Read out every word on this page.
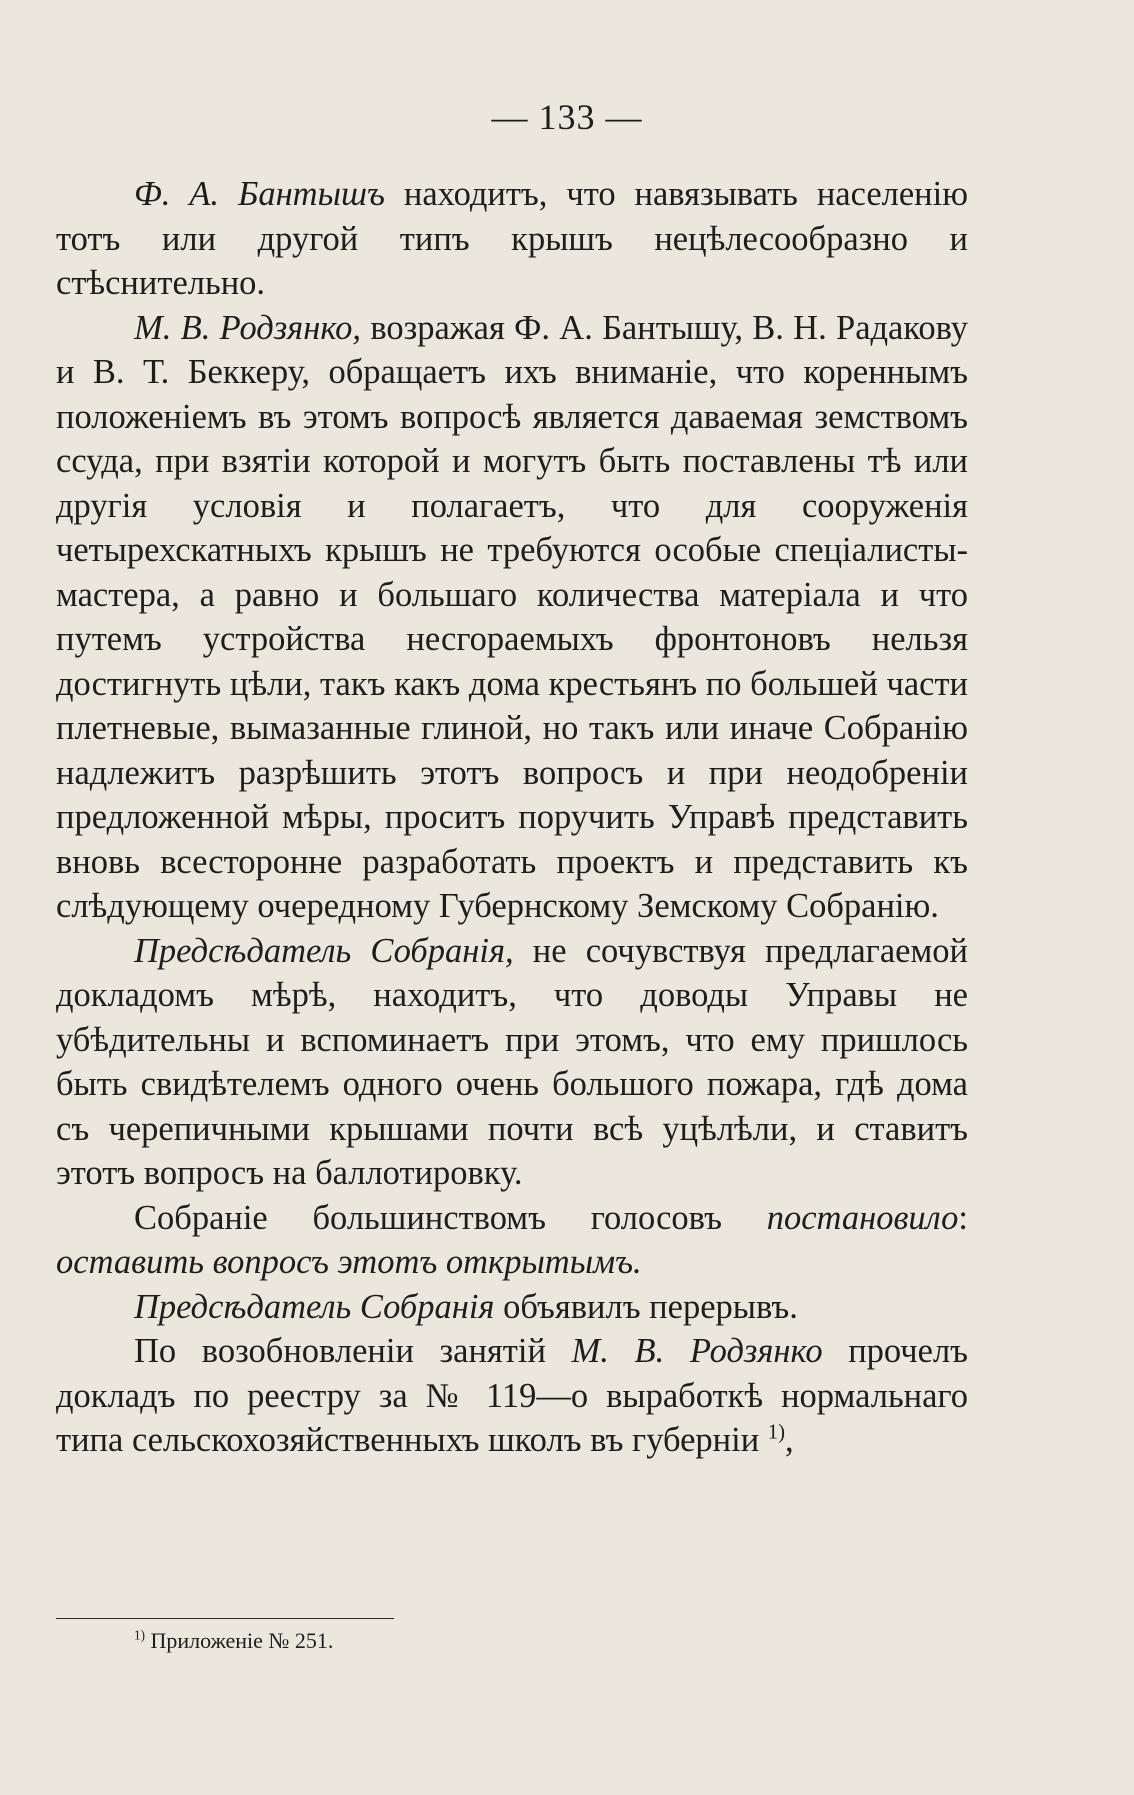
— 133 —

Ф. А. Бантышъ находитъ, что навязывать населенію тотъ или другой типъ крышъ нецѣлесообразно и стѣснительно.

М. В. Родзянко, возражая Ф. А. Бантышу, В. Н. Радакову и В. Т. Беккеру, обращаетъ ихъ вниманіе, что кореннымъ положеніемъ въ этомъ вопросѣ является даваемая земствомъ ссуда, при взятіи которой и могутъ быть поставлены тѣ или другія условія и полагаетъ, что для сооруженія четырехскатныхъ крышъ не требуются особые спеціалисты-мастера, а равно и большаго количества матеріала и что путемъ устройства несгораемыхъ фронтоновъ нельзя достигнуть цѣли, такъ какъ дома крестьянъ по большей части плетневые, вымазанные глиной, но такъ или иначе Собранію надлежитъ разрѣшить этотъ вопросъ и при неодобреніи предложенной мѣры, проситъ поручить Управѣ представить вновь всесторонне разработать проектъ и представить къ слѣдующему очередному Губернскому Земскому Собранію.

Предсѣдатель Собранія, не сочувствуя предлагаемой докладомъ мѣрѣ, находитъ, что доводы Управы не убѣдительны и вспоминаетъ при этомъ, что ему пришлось быть свидѣтелемъ одного очень большого пожара, гдѣ дома съ черепичными крышами почти всѣ уцѣлѣли, и ставитъ этотъ вопросъ на баллотировку.

Собраніе большинствомъ голосовъ постановило: оставить вопросъ этотъ открытымъ.

Предсѣдатель Собранія объявилъ перерывъ.

По возобновленіи занятій М. В. Родзянко прочелъ докладъ по реестру за № 119—о выработкѣ нормальнаго типа сельскохозяйственныхъ школъ въ губерніи $^{1)}$,

$^{1)}$ Приложеніе № 251.
